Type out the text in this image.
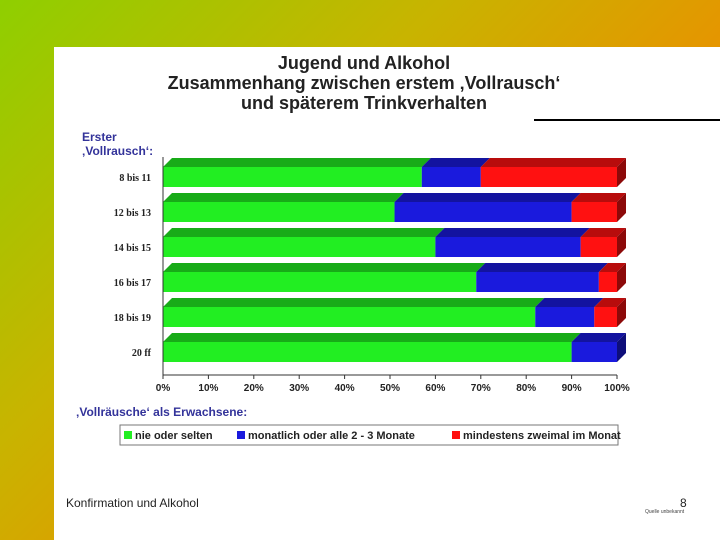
Jugend und Alkohol
Zusammenhang zwischen erstem ‚Vollrausch‘
und späterem Trinkverhalten
Erster
‚Vollrausch‘:
8 bis 11
12 bis 13
14 bis 15
16 bis 17
18 bis 19
20 ff
0%	10%	20%	30%	40%	50%	60%	70%	80%	90% 100%
‚Vollräusche‘ als Erwachsene:
nie oder selten	monatlich oder alle 2 - 3 Monate	mindestens zweimal im Monat
Quelle unbekannt
Konfirmation und Alkohol	8
